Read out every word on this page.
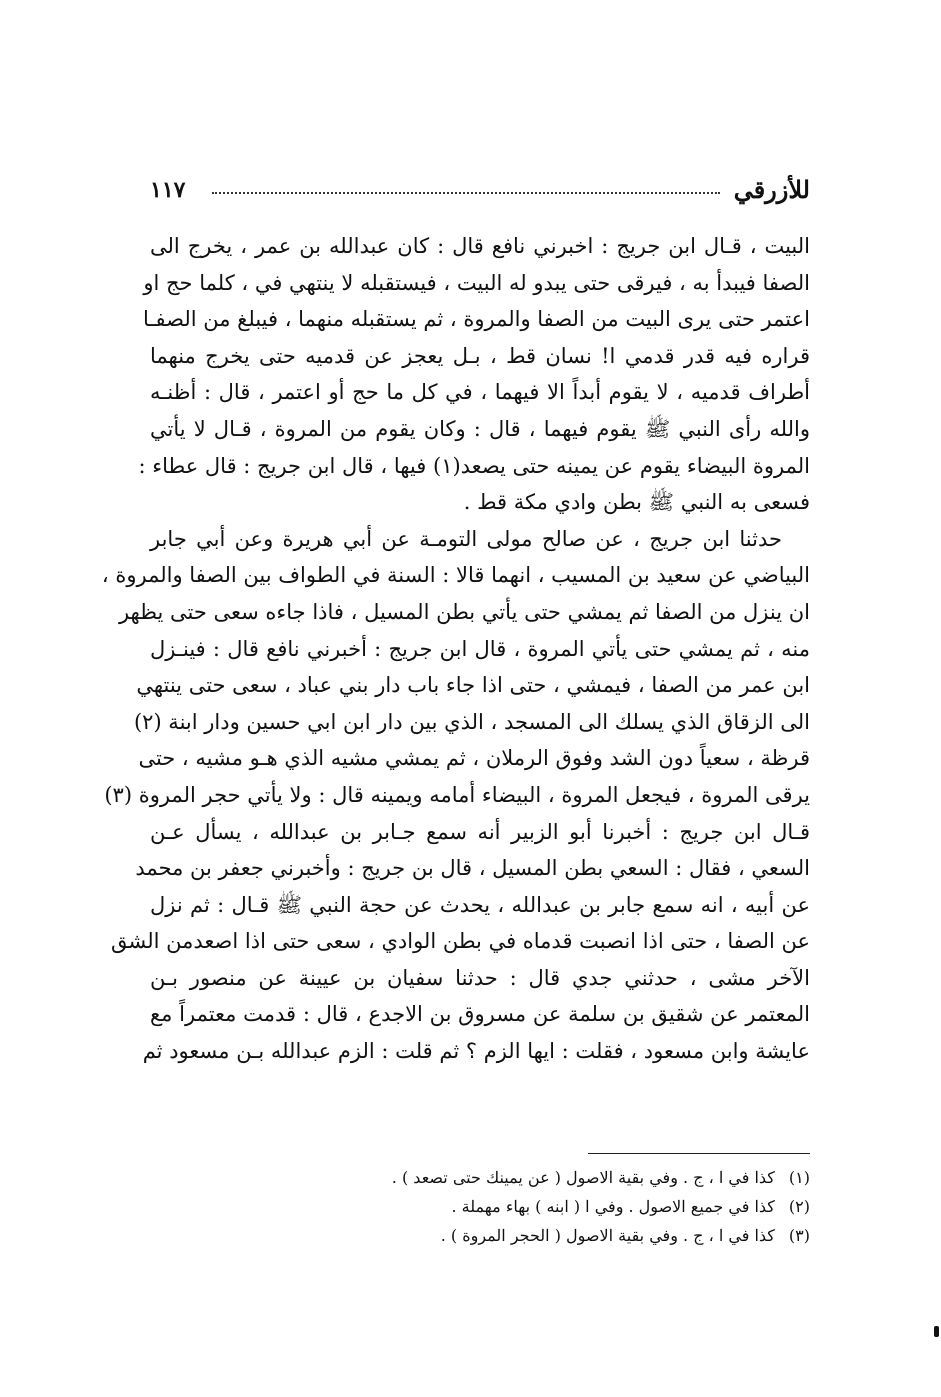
للأزرقي
١١٧
البيت ، قـال ابن جريج : اخبرني نافع قال : كان عبدالله بن عمر ، يخرج الى
الصفا فيبدأ به ، فيرقى حتى يبدو له البيت ، فيستقبله لا ينتهي في ، كلما حج او
اعتمر حتى يرى البيت من الصفا والمروة ، ثم يستقبله منهما ، فيبلغ من الصفـا
قراره فيه قدر قدمي ا! نسان قط ، بـل يعجز عن قدميه حتى يخرج منهما
أطراف قدميه ، لا يقوم أبداً الا فيهما ، في كل ما حج أو اعتمر ، قال : أظنـه
والله رأى النبي ﷺ يقوم فيهما ، قال : وكان يقوم من المروة ، قـال لا يأتي
المروة البيضاء يقوم عن يمينه حتى يصعد(١) فيها ، قال ابن جريج : قال عطاء :
فسعى به النبي ﷺ بطن وادي مكة قط .
حدثنا ابن جريج ، عن صالح مولى التومـة عن أبي هريرة وعن أبي جابر
البياضي عن سعيد بن المسيب ، انهما قالا : السنة في الطواف بين الصفا والمروة ،
ان ينزل من الصفا ثم يمشي حتى يأتي بطن المسيل ، فاذا جاءه سعى حتى يظهر
منه ، ثم يمشي حتى يأتي المروة ، قال ابن جريج : أخبرني نافع قال : فينـزل
ابن عمر من الصفا ، فيمشي ، حتى اذا جاء باب دار بني عباد ، سعى حتى ينتهي
الى الزقاق الذي يسلك الى المسجد ، الذي بين دار ابن ابي حسين ودار ابنة (٢)
قرظة ، سعياً دون الشد وفوق الرملان ، ثم يمشي مشيه الذي هـو مشيه ، حتى
يرقى المروة ، فيجعل المروة ، البيضاء أمامه ويمينه قال : ولا يأتي حجر المروة (٣)
قـال ابن جريج : أخبرنا أبو الزبير أنه سمع جـابر بن عبدالله ، يسأل عـن
السعي ، فقال : السعي بطن المسيل ، قال بن جريج : وأخبرني جعفر بن محمد
عن أبيه ، انه سمع جابر بن عبدالله ، يحدث عن حجة النبي ﷺ قـال : ثم نزل
عن الصفا ، حتى اذا انصبت قدماه في بطن الوادي ، سعى حتى اذا اصعدمن الشق
الآخر مشى ، حدثني جدي قال : حدثنا سفيان بن عيينة عن منصور بـن
المعتمر عن شقيق بن سلمة عن مسروق بن الاجدع ، قال : قدمت معتمراً مع
عايشة وابن مسعود ، فقلت : ايها الزم ؟ ثم قلت : الزم عبدالله بـن مسعود ثم
(١) كذا في ا ، ج . وفي بقية الاصول ( عن يمينك حتى تصعد ) .
(٢) كذا في جميع الاصول . وفي ا ( ابنه ) بهاء مهملة .
(٣) كذا في ا ، ج . وفي بقية الاصول ( الحجر المروة ) .
